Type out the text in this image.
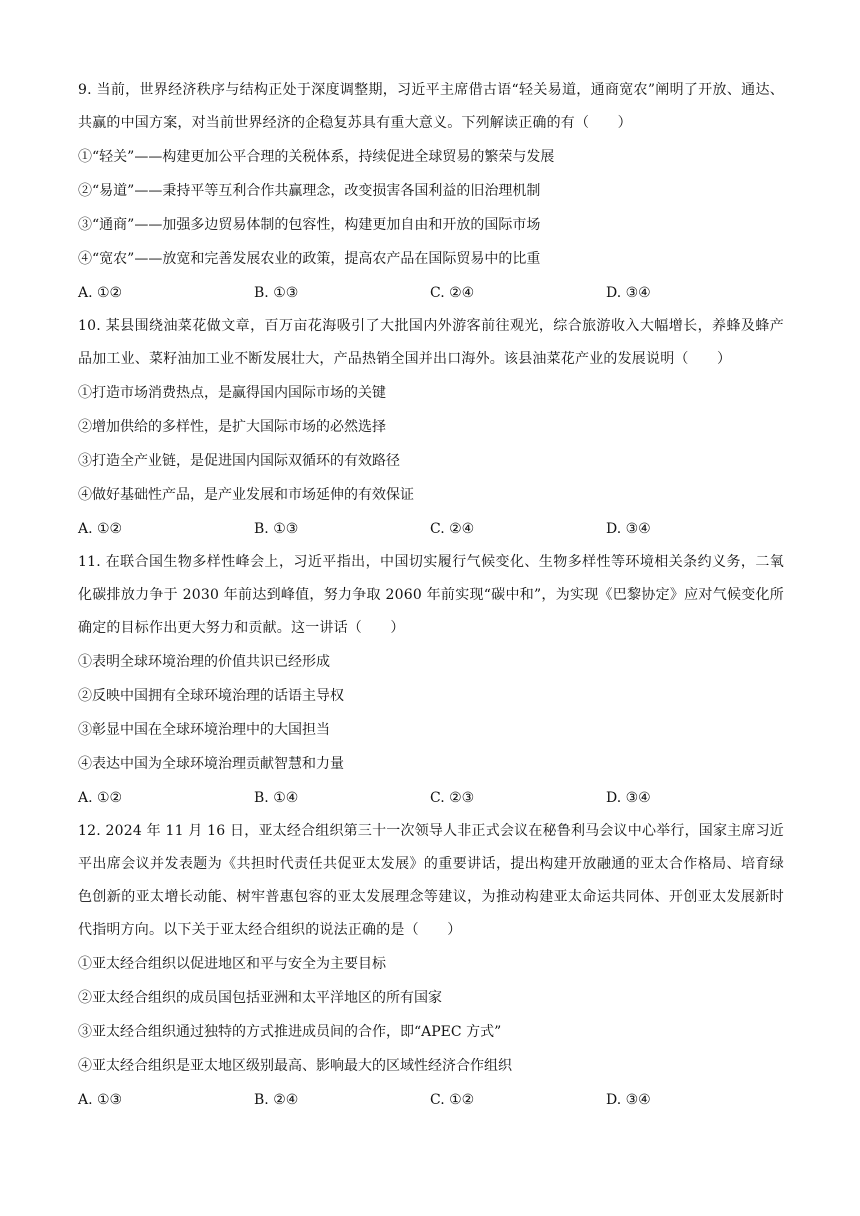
9. 当前，世界经济秩序与结构正处于深度调整期，习近平主席借古语“轻关易道，通商宽农”阐明了开放、通达、共赢的中国方案，对当前世界经济的企稳复苏具有重大意义。下列解读正确的有（　　）

①“轻关”——构建更加公平合理的关税体系，持续促进全球贸易的繁荣与发展

②“易道”——秉持平等互利合作共赢理念，改变损害各国利益的旧治理机制

③“通商”——加强多边贸易体制的包容性，构建更加自由和开放的国际市场

④“宽农”——放宽和完善发展农业的政策，提高农产品在国际贸易中的比重

A. ①②	B. ①③	C. ②④	D. ③④

10. 某县围绕油菜花做文章，百万亩花海吸引了大批国内外游客前往观光，综合旅游收入大幅增长，养蜂及蜂产品加工业、菜籽油加工业不断发展壮大，产品热销全国并出口海外。该县油菜花产业的发展说明（　　）

①打造市场消费热点，是赢得国内国际市场的关键

②增加供给的多样性，是扩大国际市场的必然选择

③打造全产业链，是促进国内国际双循环的有效路径

④做好基础性产品，是产业发展和市场延伸的有效保证

A. ①②	B. ①③	C. ②④	D. ③④

11. 在联合国生物多样性峰会上，习近平指出，中国切实履行气候变化、生物多样性等环境相关条约义务，二氧化碳排放力争于 2030 年前达到峰值，努力争取 2060 年前实现“碳中和”，为实现《巴黎协定》应对气候变化所确定的目标作出更大努力和贡献。这一讲话（　　）

①表明全球环境治理的价值共识已经形成

②反映中国拥有全球环境治理的话语主导权

③彰显中国在全球环境治理中的大国担当

④表达中国为全球环境治理贡献智慧和力量

A. ①②	B. ①④	C. ②③	D. ③④

12. 2024 年 11 月 16 日，亚太经合组织第三十一次领导人非正式会议在秘鲁利马会议中心举行，国家主席习近平出席会议并发表题为《共担时代责任共促亚太发展》的重要讲话，提出构建开放融通的亚太合作格局、培育绿色创新的亚太增长动能、树牢普惠包容的亚太发展理念等建议，为推动构建亚太命运共同体、开创亚太发展新时代指明方向。以下关于亚太经合组织的说法正确的是（　　）

①亚太经合组织以促进地区和平与安全为主要目标

②亚太经合组织的成员国包括亚洲和太平洋地区的所有国家

③亚太经合组织通过独特的方式推进成员间的合作，即“APEC 方式”

④亚太经合组织是亚太地区级别最高、影响最大的区域性经济合作组织

A. ①③	B. ②④	C. ①②	D. ③④
